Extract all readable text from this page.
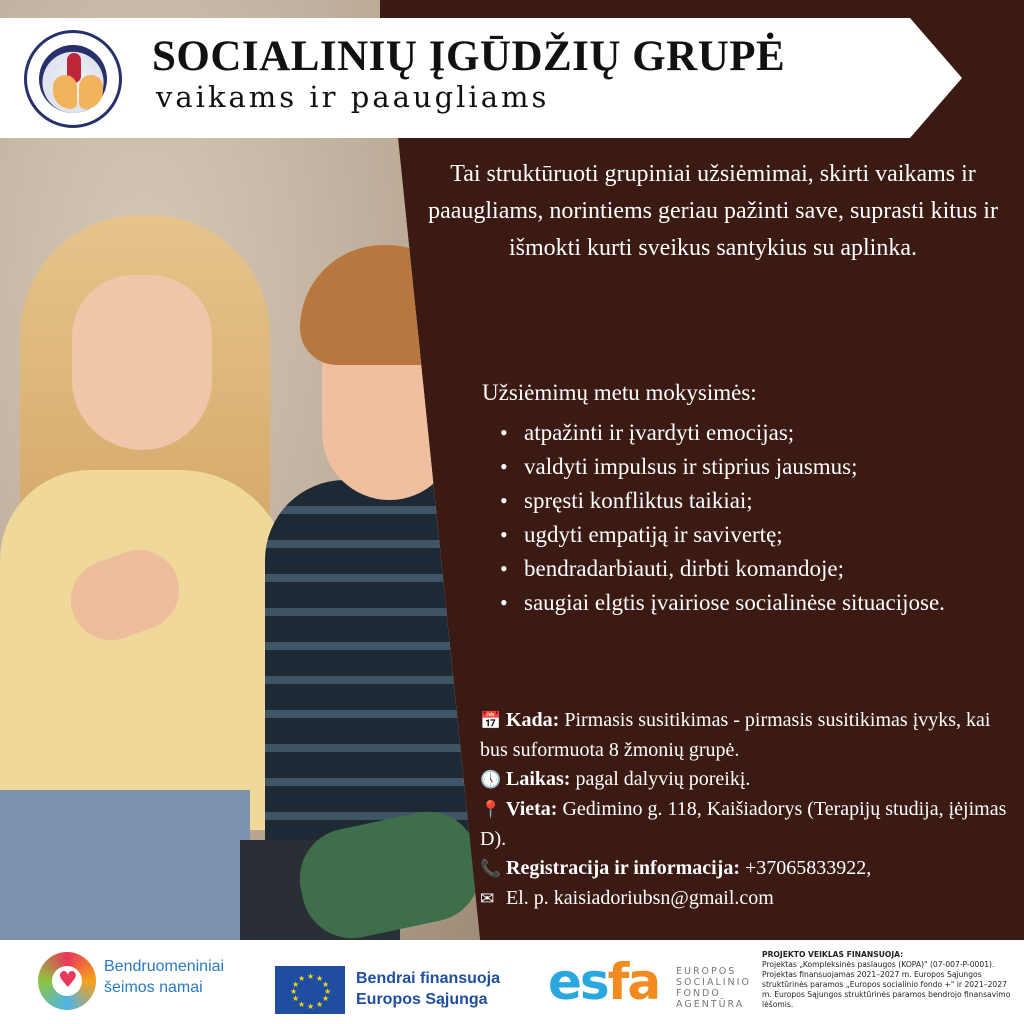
SOCIALINIŲ ĮGŪDŽIŲ GRUPĖ
vaikams ir paaugliams

Tai struktūruoti grupiniai užsiėmimai, skirti vaikams ir paaugliams, norintiems geriau pažinti save, suprasti kitus ir išmokti kurti sveikus santykius su aplinka.

Užsiėmimų metu mokysimės:
• atpažinti ir įvardyti emocijas;
• valdyti impulsus ir stiprius jausmus;
• spręsti konfliktus taikiai;
• ugdyti empatiją ir savivertę;
• bendradarbiauti, dirbti komandoje;
• saugiai elgtis įvairiose socialinėse situacijose.

📅 Kada: Pirmasis susitikimas - pirmasis susitikimas įvyks, kai bus suformuota 8 žmonių grupė.

🕔 Laikas: pagal dalyvių poreikį.

📍 Vieta: Gedimino g. 118, Kaišiadorys (Terapijų studija, įėjimas D).

📞 Registracija ir informacija: +37065833922,

✉ El. p. kaisiadoriubsn@gmail.com

♥
Bendruomeniniai
šeimos namai
★ ★
★
★
★
★
★
★
★
★
★
★	Bendrai finansuoja
Europos Sąjunga esfa EUROPOS
SOCIALINIO
FONDO
AGENTŪRA
PROJEKTO VEIKLAS FINANSUOJA:
Projektas „Kompleksinės paslaugos (KOPA)" (07-007-P-0001). Projektas finansuojamas 2021–2027 m. Europos Sąjungos struktūrinės paramos „Europos socialinio fondo +" ir 2021–2027 m. Europos Sąjungos struktūrinės paramos bendrojo finansavimo lėšomis.
